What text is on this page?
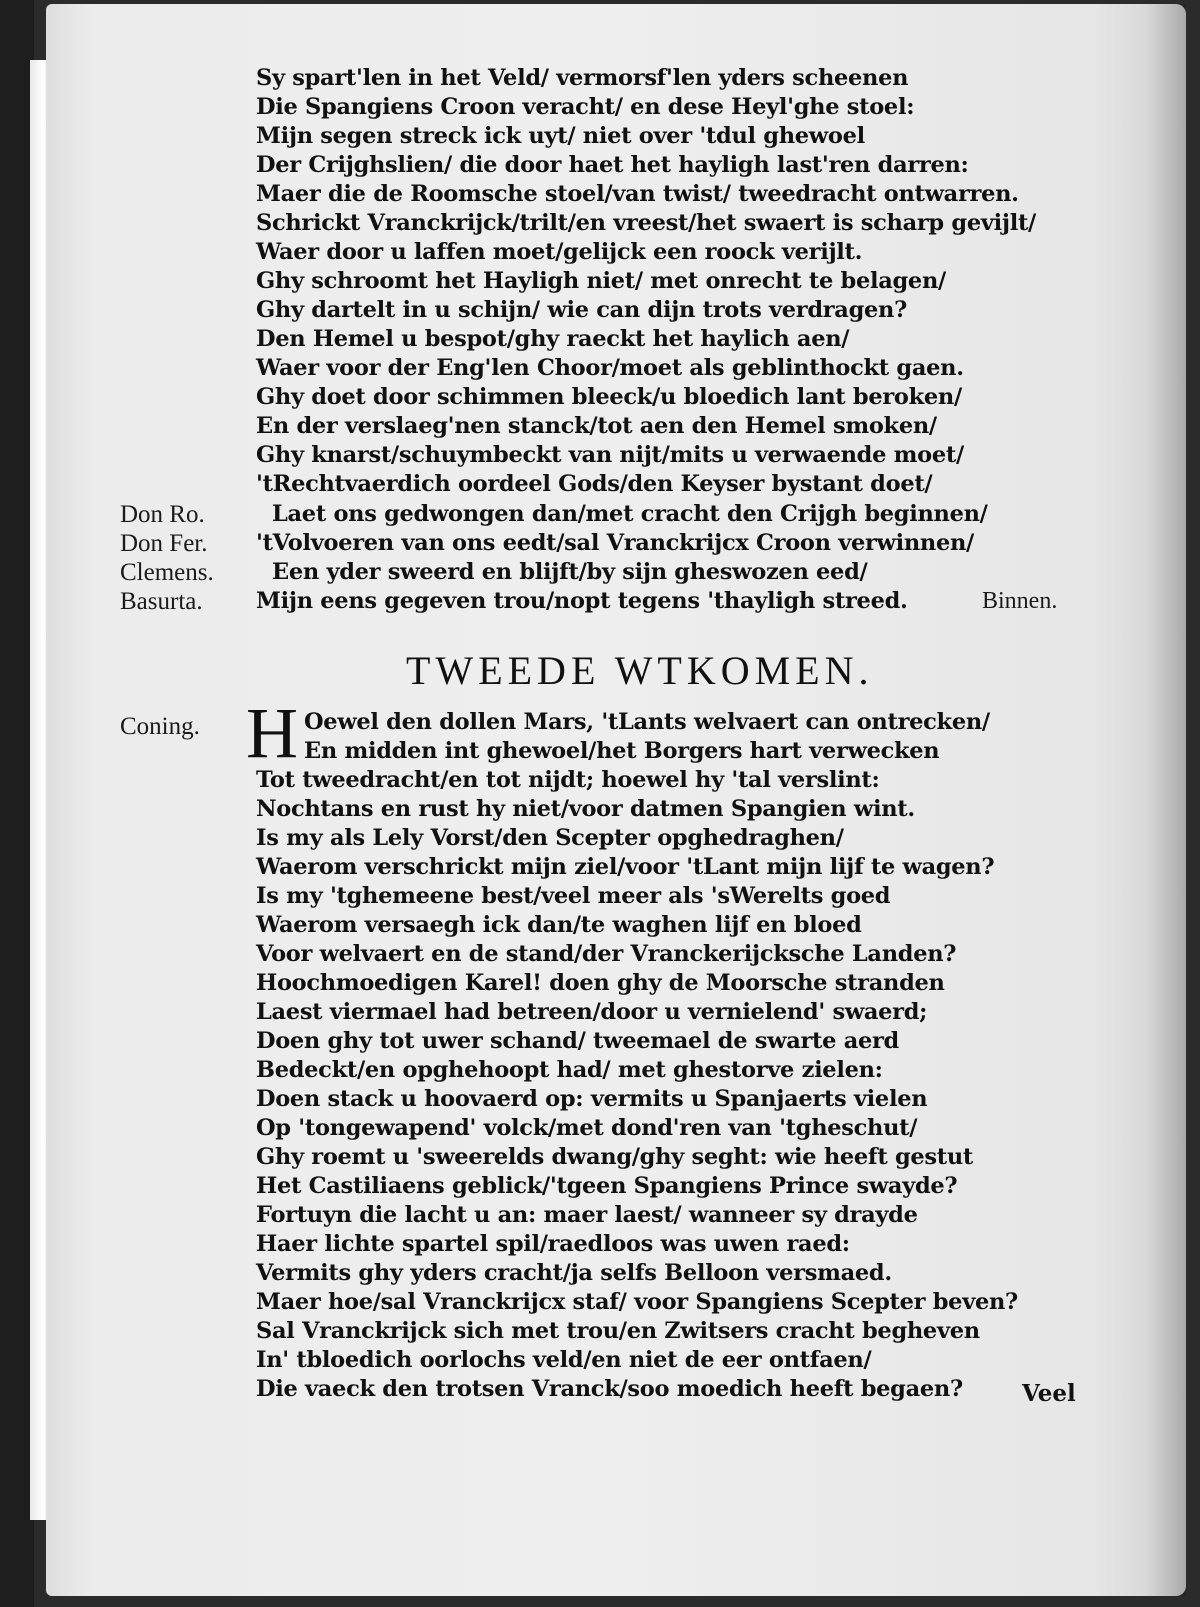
Sy spart'len in het Veld/ vermorsf'len yders scheenen
Die Spangiens Croon veracht/ en dese Heyl'ghe stoel:
Mijn segen streck ick uyt/ niet over 'tdul ghewoel
Der Crijghslien/ die door haet het hayligh last'ren darren:
Maer die de Roomsche stoel/van twist/ tweedracht ontwarren.
Schrickt Vranckrijck/trilt/en vreest/het swaert is scharp gevijlt/
Waer door u laffen moet/gelijck een roock verijlt.
Ghy schroomt het Hayligh niet/ met onrecht te belagen/
Ghy dartelt in u schijn/ wie can dijn trots verdragen?
Den Hemel u bespot/ghy raeckt het haylich aen/
Waer voor der Eng'len Choor/moet als geblinthockt gaen.
Ghy doet door schimmen bleeck/u bloedich lant beroken/
En der verslaeg'nen stanck/tot aen den Hemel smoken/
Ghy knarst/schuymbeckt van nijt/mits u verwaende moet/
'tRechtvaerdich oordeel Gods/den Keyser bystant doet/
Don Ro.	Laet ons gedwongen dan/met cracht den Crijgh beginnen/
Don Fer. 'tVolvoeren van ons eedt/sal Vranckrijcx Croon verwinnen/
Clemens.	Een yder sweerd en blijft/by sijn gheswozen eed/
Basurta. Mijn eens gegeven trou/nopt tegens 'thayligh streed.	Binnen.
TWEEDE WTKOMEN.
Coning. H Oewel den dollen Mars, 'tLants welvaert can ontrecken/
En midden int ghewoel/het Borgers hart verwecken
Tot tweedracht/en tot nijdt; hoewel hy 'tal verslint:
Nochtans en rust hy niet/voor datmen Spangien wint.
Is my als Lely Vorst/den Scepter opghedraghen/
Waerom verschrickt mijn ziel/voor 'tLant mijn lijf te wagen?
Is my 'tghemeene best/veel meer als 'sWerelts goed
Waerom versaegh ick dan/te waghen lijf en bloed
Voor welvaert en de stand/der Vranckerijcksche Landen?
Hoochmoedigen Karel! doen ghy de Moorsche stranden
Laest viermael had betreen/door u vernielend' swaerd;
Doen ghy tot uwer schand/ tweemael de swarte aerd
Bedeckt/en opghehoopt had/ met ghestorve zielen:
Doen stack u hoovaerd op: vermits u Spanjaerts vielen
Op 'tongewapend' volck/met dond'ren van 'tgheschut/
Ghy roemt u 'sweerelds dwang/ghy seght: wie heeft gestut
Het Castiliaens geblick/'tgeen Spangiens Prince swayde?
Fortuyn die lacht u an: maer laest/ wanneer sy drayde
Haer lichte spartel spil/raedloos was uwen raed:
Vermits ghy yders cracht/ja selfs Belloon versmaed.
Maer hoe/sal Vranckrijcx staf/ voor Spangiens Scepter beven?
Sal Vranckrijck sich met trou/en Zwitsers cracht begheven
In' tbloedich oorlochs veld/en niet de eer ontfaen/
Die vaeck den trotsen Vranck/soo moedich heeft begaen?	Veel
